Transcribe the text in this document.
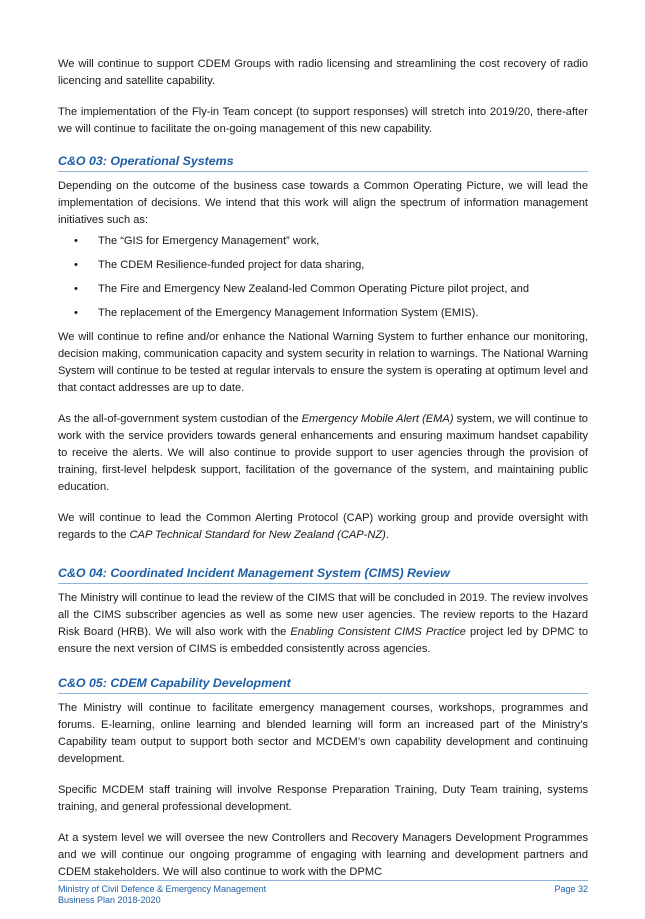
We will continue to support CDEM Groups with radio licensing and streamlining the cost recovery of radio licencing and satellite capability.

The implementation of the Fly-in Team concept (to support responses) will stretch into 2019/20, there-after we will continue to facilitate the on-going management of this new capability.

C&O 03: Operational Systems

Depending on the outcome of the business case towards a Common Operating Picture, we will lead the implementation of decisions. We intend that this work will align the spectrum of information management initiatives such as:

• The “GIS for Emergency Management” work,
• The CDEM Resilience-funded project for data sharing,
• The Fire and Emergency New Zealand-led Common Operating Picture pilot project, and
• The replacement of the Emergency Management Information System (EMIS).

We will continue to refine and/or enhance the National Warning System to further enhance our monitoring, decision making, communication capacity and system security in relation to warnings. The National Warning System will continue to be tested at regular intervals to ensure the system is operating at optimum level and that contact addresses are up to date.

As the all-of-government system custodian of the Emergency Mobile Alert (EMA) system, we will continue to work with the service providers towards general enhancements and ensuring maximum handset capability to receive the alerts. We will also continue to provide support to user agencies through the provision of training, first-level helpdesk support, facilitation of the governance of the system, and maintaining public education.

We will continue to lead the Common Alerting Protocol (CAP) working group and provide oversight with regards to the CAP Technical Standard for New Zealand (CAP-NZ).

C&O 04: Coordinated Incident Management System (CIMS) Review

The Ministry will continue to lead the review of the CIMS that will be concluded in 2019. The review involves all the CIMS subscriber agencies as well as some new user agencies. The review reports to the Hazard Risk Board (HRB). We will also work with the Enabling Consistent CIMS Practice project led by DPMC to ensure the next version of CIMS is embedded consistently across agencies.

C&O 05: CDEM Capability Development

The Ministry will continue to facilitate emergency management courses, workshops, programmes and forums. E-learning, online learning and blended learning will form an increased part of the Ministry’s Capability team output to support both sector and MCDEM’s own capability development and continuing development.

Specific MCDEM staff training will involve Response Preparation Training, Duty Team training, systems training, and general professional development.

At a system level we will oversee the new Controllers and Recovery Managers Development Programmes and we will continue our ongoing programme of engaging with learning and development partners and CDEM stakeholders. We will also continue to work with the DPMC

Ministry of Civil Defence & Emergency Management
Business Plan 2018-2020
Page 32
